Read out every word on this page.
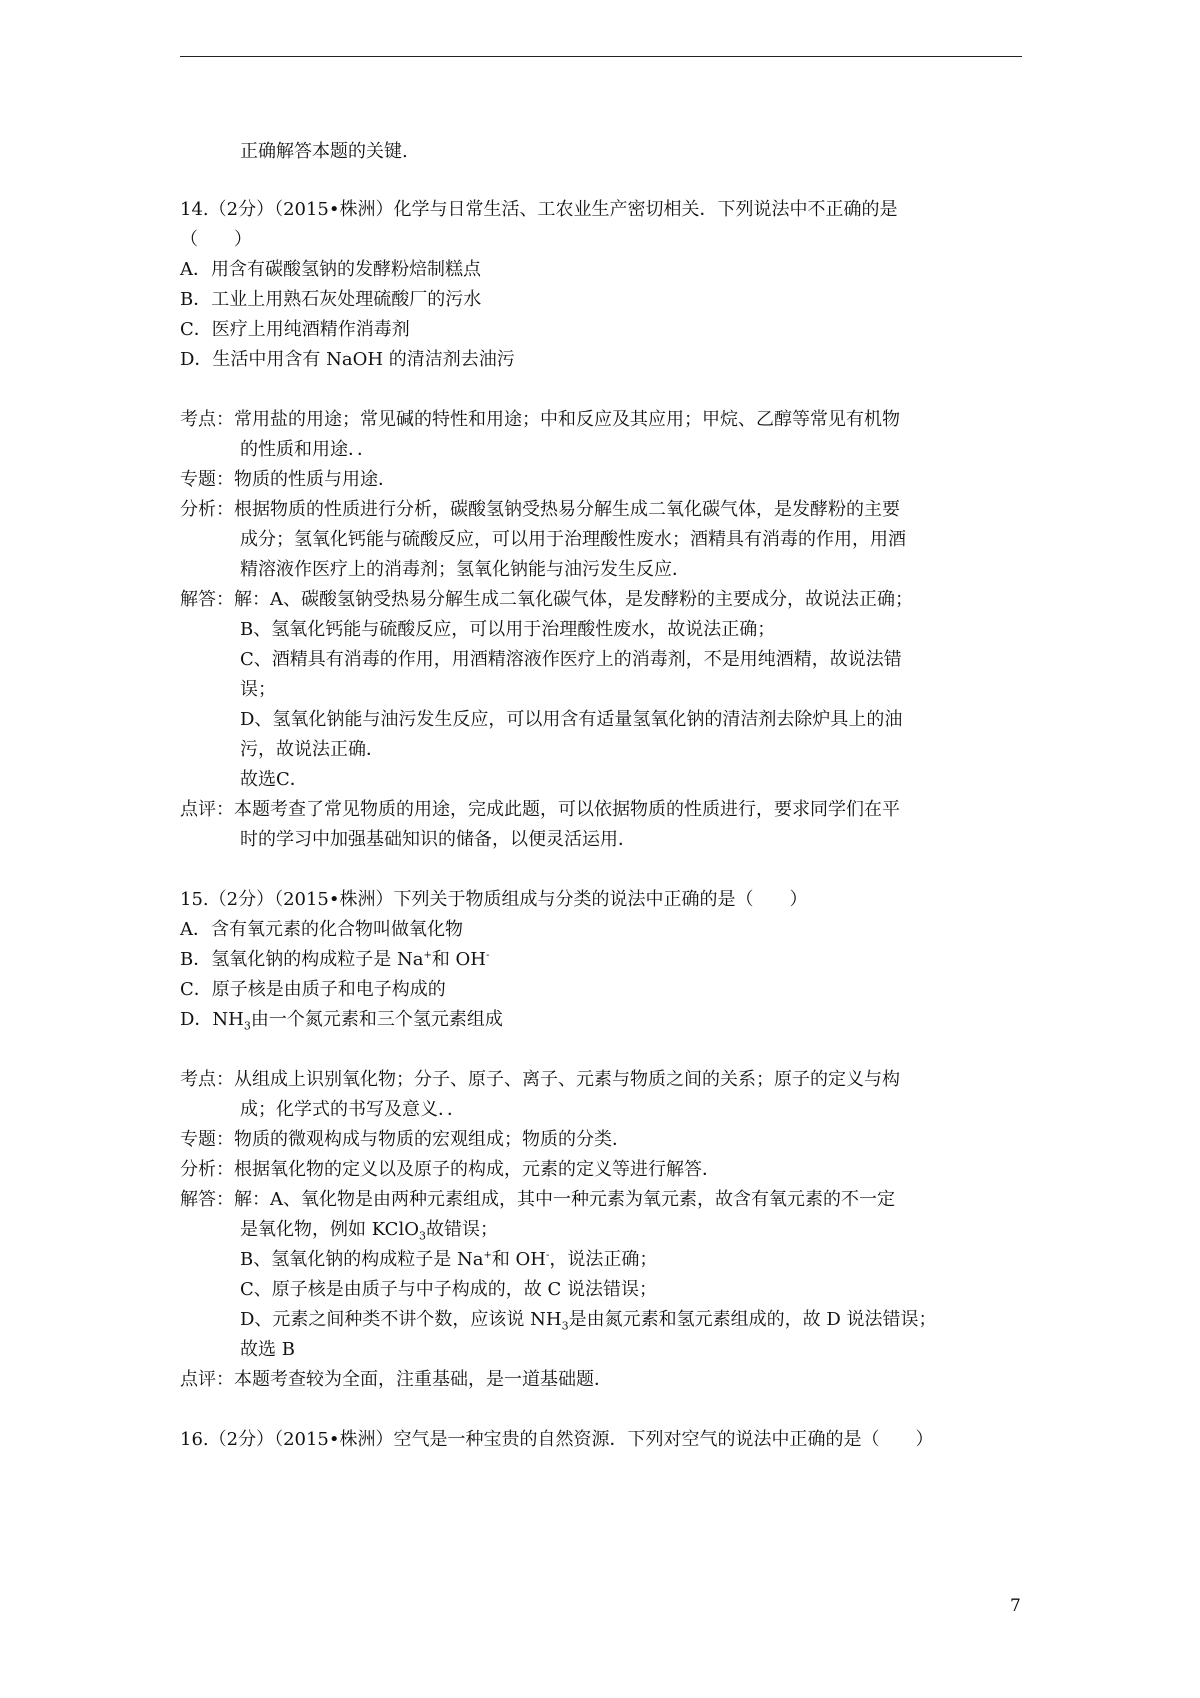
正确解答本题的关键.
14.（2分）（2015•株洲）化学与日常生活、工农业生产密切相关．下列说法中不正确的是
（　　）
A．用含有碳酸氢钠的发酵粉焙制糕点
B．工业上用熟石灰处理硫酸厂的污水
C．医疗上用纯酒精作消毒剂
D．生活中用含有 NaOH 的清洁剂去油污
考点：常用盐的用途；常见碱的特性和用途；中和反应及其应用；甲烷、乙醇等常见有机物
的性质和用途．．
专题：物质的性质与用途．
分析：根据物质的性质进行分析，碳酸氢钠受热易分解生成二氧化碳气体，是发酵粉的主要
成分；氢氧化钙能与硫酸反应，可以用于治理酸性废水；酒精具有消毒的作用，用酒
精溶液作医疗上的消毒剂；氢氧化钠能与油污发生反应．
解答：解：A、碳酸氢钠受热易分解生成二氧化碳气体，是发酵粉的主要成分，故说法正确；
B、氢氧化钙能与硫酸反应，可以用于治理酸性废水，故说法正确；
C、酒精具有消毒的作用，用酒精溶液作医疗上的消毒剂，不是用纯酒精，故说法错
误；
D、氢氧化钠能与油污发生反应，可以用含有适量氢氧化钠的清洁剂去除炉具上的油
污，故说法正确．
故选C．
点评：本题考查了常见物质的用途，完成此题，可以依据物质的性质进行，要求同学们在平
时的学习中加强基础知识的储备，以便灵活运用．
15.（2分）（2015•株洲）下列关于物质组成与分类的说法中正确的是（　　）
A．含有氧元素的化合物叫做氧化物
B．氢氧化钠的构成粒子是 Na+和 OH-
C．原子核是由质子和电子构成的
D．$NH_3$由一个氮元素和三个氢元素组成
考点：从组成上识别氧化物；分子、原子、离子、元素与物质之间的关系；原子的定义与构
成；化学式的书写及意义．．
专题：物质的微观构成与物质的宏观组成；物质的分类．
分析：根据氧化物的定义以及原子的构成，元素的定义等进行解答．
解答：解：A、氧化物是由两种元素组成，其中一种元素为氧元素，故含有氧元素的不一定
是氧化物，例如 KClO$_3$故错误；
B、氢氧化钠的构成粒子是 Na+和 OH-，说法正确；
C、原子核是由质子与中子构成的，故 C 说法错误；
D、元素之间种类不讲个数，应该说 $NH_3$是由氮元素和氢元素组成的，故 D 说法错误；
故选 B
点评：本题考查较为全面，注重基础，是一道基础题．
16.（2分）（2015•株洲）空气是一种宝贵的自然资源．下列对空气的说法中正确的是（　　）
7
